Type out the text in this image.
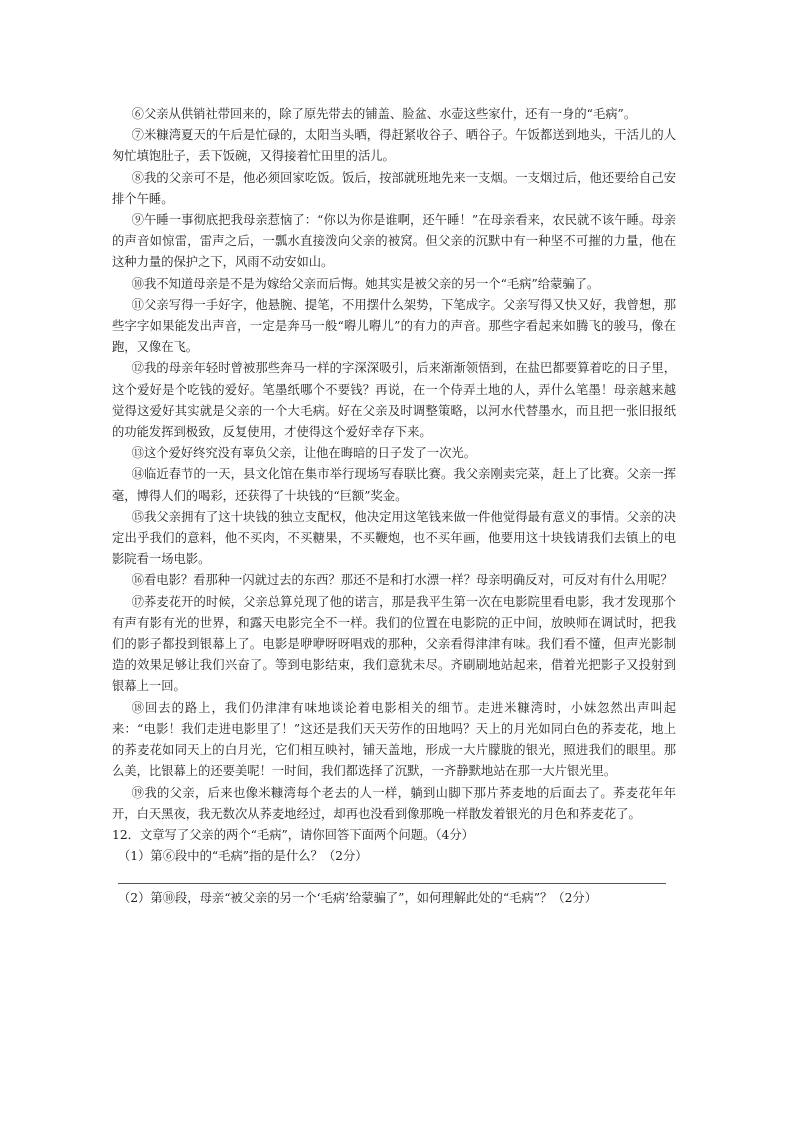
⑥父亲从供销社带回来的，除了原先带去的铺盖、脸盆、水壶这些家什，还有一身的“毛病”。

⑦米糠湾夏天的午后是忙碌的，太阳当头晒，得赶紧收谷子、晒谷子。午饭都送到地头，干活儿的人匆忙填饱肚子，丢下饭碗，又得接着忙田里的活儿。

⑧我的父亲可不是，他必须回家吃饭。饭后，按部就班地先来一支烟。一支烟过后，他还要给自己安排个午睡。

⑨午睡一事彻底把我母亲惹恼了：“你以为你是谁啊，还午睡！”在母亲看来，农民就不该午睡。母亲的声音如惊雷，雷声之后，一瓢水直接泼向父亲的被窝。但父亲的沉默中有一种坚不可摧的力量，他在这种力量的保护之下，风雨不动安如山。

⑩我不知道母亲是不是为嫁给父亲而后悔。她其实是被父亲的另一个“毛病”给蒙骗了。

⑪父亲写得一手好字，他悬腕、提笔，不用摆什么架势，下笔成字。父亲写得又快又好，我曾想，那些字字如果能发出声音，一定是奔马一般“嘚儿嘚儿”的有力的声音。那些字看起来如腾飞的骏马，像在跑，又像在飞。

⑫我的母亲年轻时曾被那些奔马一样的字深深吸引，后来渐渐领悟到，在盐巴都要算着吃的日子里，这个爱好是个吃钱的爱好。笔墨纸哪个不要钱？再说，在一个侍弄土地的人，弄什么笔墨！母亲越来越觉得这爱好其实就是父亲的一个大毛病。好在父亲及时调整策略，以河水代替墨水，而且把一张旧报纸的功能发挥到极致，反复使用，才使得这个爱好幸存下来。

⑬这个爱好终究没有辜负父亲，让他在晦暗的日子发了一次光。

⑭临近春节的一天，县文化馆在集市举行现场写春联比赛。我父亲刚卖完菜，赶上了比赛。父亲一挥毫，博得人们的喝彩，还获得了十块钱的“巨额”奖金。

⑮我父亲拥有了这十块钱的独立支配权，他决定用这笔钱来做一件他觉得最有意义的事情。父亲的决定出乎我们的意料，他不买肉，不买糖果，不买鞭炮，也不买年画，他要用这十块钱请我们去镇上的电影院看一场电影。

⑯看电影？看那种一闪就过去的东西？那还不是和打水漂一样？母亲明确反对，可反对有什么用呢？

⑰荞麦花开的时候，父亲总算兑现了他的诺言，那是我平生第一次在电影院里看电影，我才发现那个有声有影有光的世界，和露天电影完全不一样。我们的位置在电影院的正中间，放映师在调试时，把我们的影子都投到银幕上了。电影是咿咿呀呀唱戏的那种，父亲看得津津有味。我们看不懂，但声光影制造的效果足够让我们兴奋了。等到电影结束，我们意犹未尽。齐刷刷地站起来，借着光把影子又投射到银幕上一回。

⑱回去的路上，我们仍津津有味地谈论着电影相关的细节。走进米糠湾时，小妹忽然出声叫起来：“电影！我们走进电影里了！”这还是我们天天劳作的田地吗？天上的月光如同白色的荞麦花，地上的荞麦花如同天上的白月光，它们相互映衬，铺天盖地，形成一大片朦胧的银光，照进我们的眼里。那么美，比银幕上的还要美呢！一时间，我们都选择了沉默，一齐静默地站在那一大片银光里。

⑲我的父亲，后来也像米糠湾每个老去的人一样，躺到山脚下那片荞麦地的后面去了。荞麦花年年开，白天黑夜，我无数次从荞麦地经过，却再也没看到像那晚一样散发着银光的月色和荞麦花了。

12．文章写了父亲的两个“毛病”，请你回答下面两个问题。（4分）

（1）第⑥段中的“毛病”指的是什么？（2分）

（2）第⑩段，母亲“被父亲的另一个‘毛病’给蒙骗了”，如何理解此处的“毛病”？（2分）
